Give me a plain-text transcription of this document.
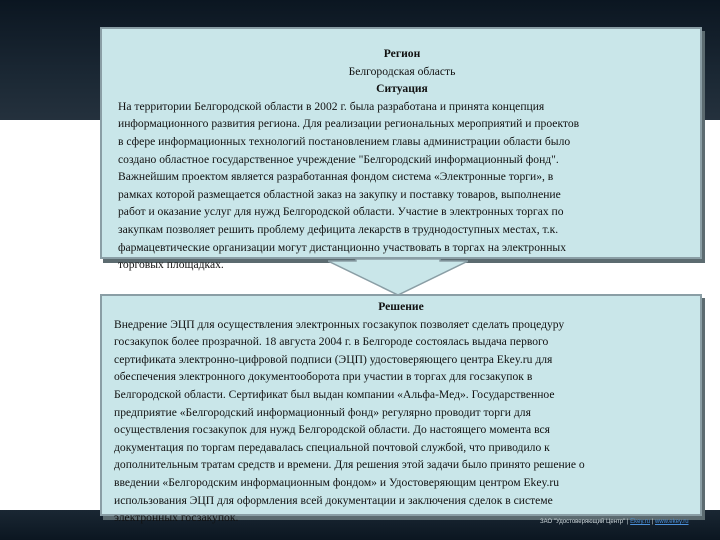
Регион
Белгородская область
Ситуация
На территории Белгородской области в 2002 г. была разработана и принята концепция
информационного развития региона. Для реализации региональных мероприятий и проектов
в сфере информационных технологий постановлением главы администрации области было
создано областное государственное учреждение "Белгородский информационный фонд".
Важнейшим проектом является разработанная фондом система «Электронные торги», в
рамках которой размещается областной заказ на закупку и поставку товаров, выполнение
работ и оказание услуг для нужд Белгородской области. Участие в электронных торгах по
закупкам позволяет решить проблему дефицита лекарств в труднодоступных местах, т.к.
фармацевтические организации могут дистанционно участвовать в торгах на электронных
торговых площадках.
Решение
Внедрение ЭЦП для осуществления электронных госзакупок позволяет сделать процедуру
госзакупок более прозрачной. 18 августа 2004 г. в Белгороде состоялась выдача первого
сертификата электронно-цифровой подписи (ЭЦП) удостоверяющего центра Ekey.ru для
обеспечения электронного документооборота при участии в торгах для госзакупок в
Белгородской области. Сертификат был выдан компании «Альфа-Мед». Государственное
предприятие «Белгородский информационный фонд» регулярно проводит торги для
осуществления госзакупок для нужд Белгородской области. До настоящего момента вся
документация по торгам передавалась специальной почтовой службой, что приводило к
дополнительным тратам средств и времени. Для решения этой задачи было принято решение о
введении «Белгородским информационным фондом» и Удостоверяющим центром Ekey.ru
использования ЭЦП для оформления всей документации и заключения сделок в системе
электронных госзакупок.	ЗАО "Удостоверяющий Центр" | Ekey.ru | www.ekey.ru
